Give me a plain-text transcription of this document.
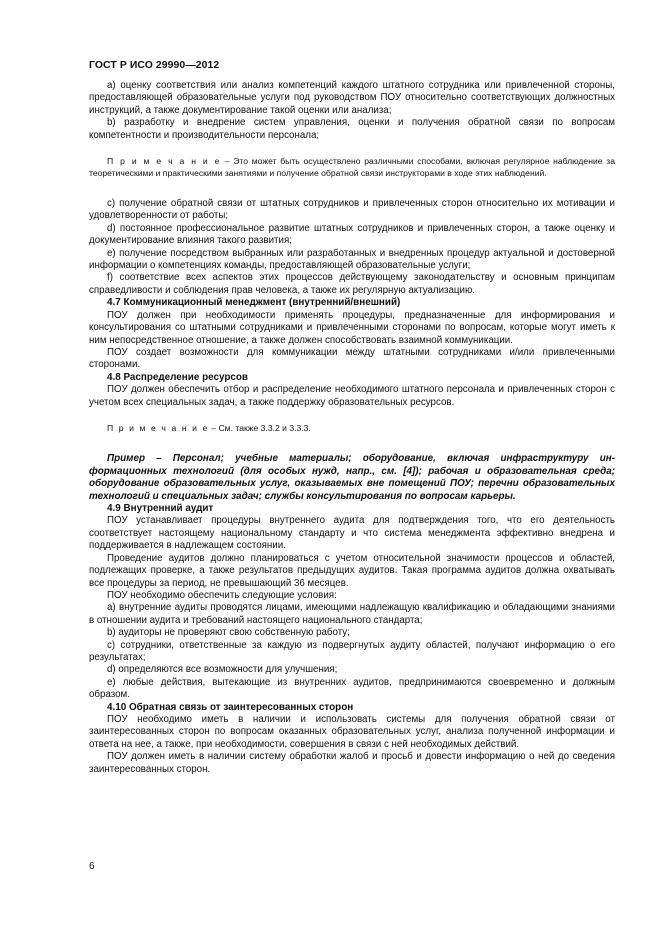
ГОСТ Р ИСО 29990—2012

а) оценку соответствия или анализ компетенций каждого штатного сотрудника или привлеченной стороны, предоставляющей образовательные услуги под руководством ПОУ относительно соответствующих должностных инструкций, а также документирование такой оценки или анализа;

b) разработку и внедрение систем управления, оценки и получения обратной связи по вопросам компетентности и производительности персонала;

П р и м е ч а н и е – Это может быть осуществлено различными способами, включая регулярное наблюдение за теоретическими и практическими занятиями и получение обратной связи инструкторами в ходе этих наблюдений.

c) получение обратной связи от штатных сотрудников и привлеченных сторон относительно их мотивации и удовлетворенности от работы;

d) постоянное профессиональное развитие штатных сотрудников и привлеченных сторон, а также оценку и документирование влияния такого развития;

e) получение посредством выбранных или разработанных и внедренных процедур актуальной и достоверной информации о компетенциях команды, предоставляющей образовательные услуги;

f) соответствие всех аспектов этих процессов действующему законодательству и основным принципам справедливости и соблюдения прав человека, а также их регулярную актуализацию.

4.7 Коммуникационный менеджмент (внутренний/внешний)

ПОУ должен при необходимости применять процедуры, предназначенные для информирования и консультирования со штатными сотрудниками и привлеченными сторонами по вопросам, которые могут иметь к ним непосредственное отношение, а также должен способствовать взаимной коммуникации.

ПОУ создает возможности для коммуникации между штатными сотрудниками и/или привлеченными сторонами.

4.8 Распределение ресурсов

ПОУ должен обеспечить отбор и распределение необходимого штатного персонала и привлеченных сторон с учетом всех специальных задач, а также поддержку образовательных ресурсов.

П р и м е ч а н и е – См. также 3.3.2 и 3.3.3.

Пример – Персонал; учебные материалы; оборудование, включая инфраструктуру информационных технологий (для особых нужд, напр., см. [4]); рабочая и образовательная среда; оборудование образовательных услуг, оказываемых вне помещений ПОУ; перечни образовательных технологий и специальных задач; службы консультирования по вопросам карьеры.

4.9 Внутренний аудит

ПОУ устанавливает процедуры внутреннего аудита для подтверждения того, что его деятельность соответствует настоящему национальному стандарту и что система менеджмента эффективно внедрена и поддерживается в надлежащем состоянии.

Проведение аудитов должно планироваться с учетом относительной значимости процессов и областей, подлежащих проверке, а также результатов предыдущих аудитов. Такая программа аудитов должна охватывать все процедуры за период, не превышающий 36 месяцев.

ПОУ необходимо обеспечить следующие условия:

а) внутренние аудиты проводятся лицами, имеющими надлежащую квалификацию и обладающими знаниями в отношении аудита и требований настоящего национального стандарта;

b) аудиторы не проверяют свою собственную работу;

c) сотрудники, ответственные за каждую из подвергнутых аудиту областей, получают информацию о его результатах;

d) определяются все возможности для улучшения;

e) любые действия, вытекающие из внутренних аудитов, предпринимаются своевременно и должным образом.

4.10 Обратная связь от заинтересованных сторон

ПОУ необходимо иметь в наличии и использовать системы для получения обратной связи от заинтересованных сторон по вопросам оказанных образовательных услуг, анализа полученной информации и ответа на нее, а также, при необходимости, совершения в связи с ней необходимых действий.

ПОУ должен иметь в наличии систему обработки жалоб и просьб и довести информацию о ней до сведения заинтересованных сторон.

6
